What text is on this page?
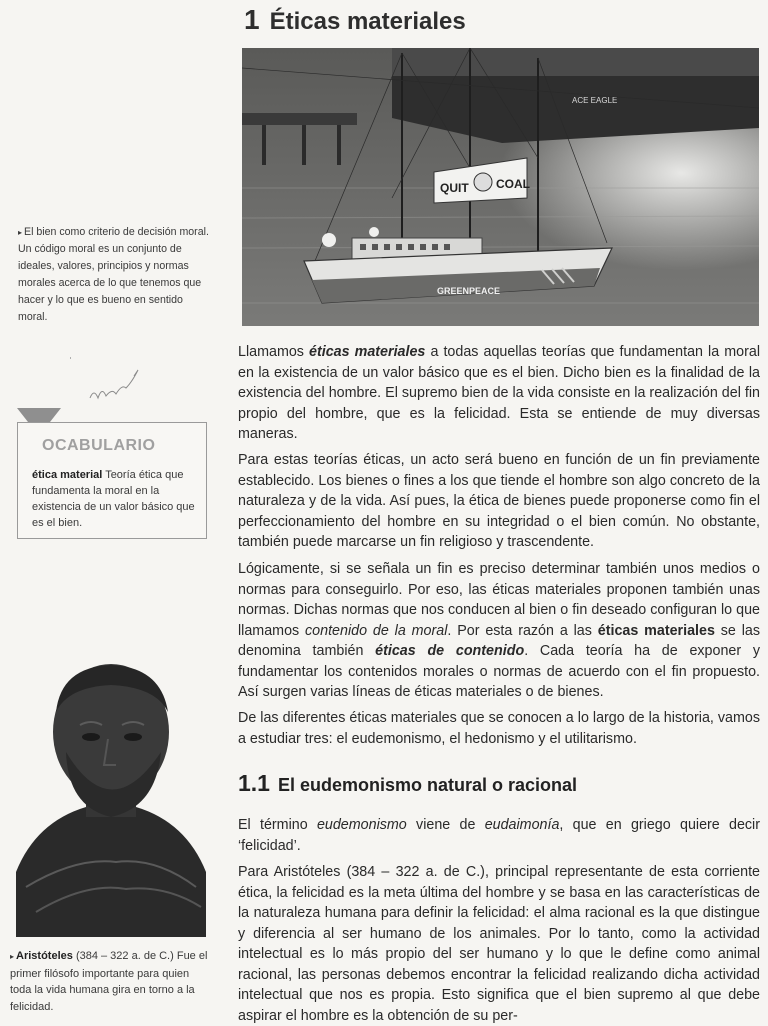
1 Éticas materiales
ACE EAGLE
QUIT COAL
GREENPEACE
▸ El bien como criterio de decisión moral. Un código moral es un conjunto de ideales, valores, principios y normas morales acerca de lo que tenemos que hacer y lo que es bueno en sentido moral.
OCABULARIO
ética material Teoría ética que fundamenta la moral en la existencia de un valor básico que es el bien.
▸ Aristóteles (384 – 322 a. de C.) Fue el primer filósofo importante para quien toda la vida humana gira en torno a la felicidad.
Llamamos éticas materiales a todas aquellas teorías que fundamentan la moral en la existencia de un valor básico que es el bien. Dicho bien es la finalidad de la existencia del hombre. El supremo bien de la vida consiste en la realización del fin propio del hombre, que es la felicidad. Esta se entiende de muy diversas maneras.
Para estas teorías éticas, un acto será bueno en función de un fin previamente establecido. Los bienes o fines a los que tiende el hombre son algo concreto de la naturaleza y de la vida. Así pues, la ética de bienes puede proponerse como fin el perfeccionamiento del hombre en su integridad o el bien común. No obstante, también puede marcarse un fin religioso y trascendente.
Lógicamente, si se señala un fin es preciso determinar también unos medios o normas para conseguirlo. Por eso, las éticas materiales proponen también unas normas. Dichas normas que nos conducen al bien o fin deseado configuran lo que llamamos contenido de la moral. Por esta razón a las éticas materiales se las denomina también éticas de contenido. Cada teoría ha de exponer y fundamentar los contenidos morales o normas de acuerdo con el fin propuesto. Así surgen varias líneas de éticas materiales o de bienes.
De las diferentes éticas materiales que se conocen a lo largo de la historia, vamos a estudiar tres: el eudemonismo, el hedonismo y el utilitarismo.
1.1 El eudemonismo natural o racional
El término eudemonismo viene de eudaimonía, que en griego quiere decir ‘felicidad’.
Para Aristóteles (384 – 322 a. de C.), principal representante de esta corriente ética, la felicidad es la meta última del hombre y se basa en las características de la naturaleza humana para definir la felicidad: el alma racional es la que distingue y diferencia al ser humano de los animales. Por lo tanto, como la actividad intelectual es lo más propio del ser humano y lo que le define como animal racional, las personas debemos encontrar la felicidad realizando dicha actividad intelectual que nos es propia. Esto significa que el bien supremo al que debe aspirar el hombre es la obtención de su per-
